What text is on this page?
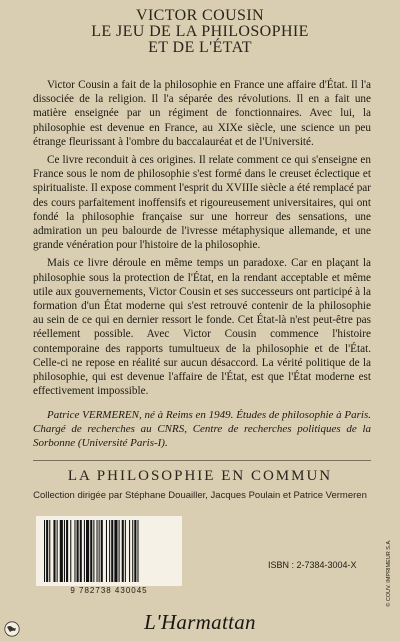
VICTOR COUSIN
LE JEU DE LA PHILOSOPHIE
ET DE L'ÉTAT

Victor Cousin a fait de la philosophie en France une affaire d'État. Il l'a dissociée de la religion. Il l'a séparée des révolutions. Il en a fait une matière enseignée par un régiment de fonctionnaires. Avec lui, la philosophie est devenue en France, au XIXe siècle, une science un peu étrange fleurissant à l'ombre du baccalauréat et de l'Université.

Ce livre reconduit à ces origines. Il relate comment ce qui s'enseigne en France sous le nom de philosophie s'est formé dans le creuset éclectique et spiritualiste. Il expose comment l'esprit du XVIIIe siècle a été remplacé par des cours parfaitement inoffensifs et rigoureusement universitaires, qui ont fondé la philosophie française sur une horreur des sensations, une admiration un peu balourde de l'ivresse métaphysique allemande, et une grande vénération pour l'histoire de la philosophie.

Mais ce livre déroule en même temps un paradoxe. Car en plaçant la philosophie sous la protection de l'État, en la rendant acceptable et même utile aux gouvernements, Victor Cousin et ses successeurs ont participé à la formation d'un État moderne qui s'est retrouvé contenir de la philosophie au sein de ce qui en dernier ressort le fonde. Cet État-là n'est peut-être pas réellement possible. Avec Victor Cousin commence l'histoire contemporaine des rapports tumultueux de la philosophie et de l'État. Celle-ci ne repose en réalité sur aucun désaccord. La vérité politique de la philosophie, qui est devenue l'affaire de l'État, est que l'État moderne est effectivement impossible.

Patrice VERMEREN, né à Reims en 1949. Études de philosophie à Paris. Chargé de recherches au CNRS, Centre de recherches politiques de la Sorbonne (Université Paris-I).
LA PHILOSOPHIE EN COMMUN
Collection dirigée par Stéphane Douailler, Jacques Poulain et Patrice Vermeren
9 782738 430045
ISBN : 2-7384-3004-X	© COUV. IMPRIMEUR S.A.
L'Harmattan
